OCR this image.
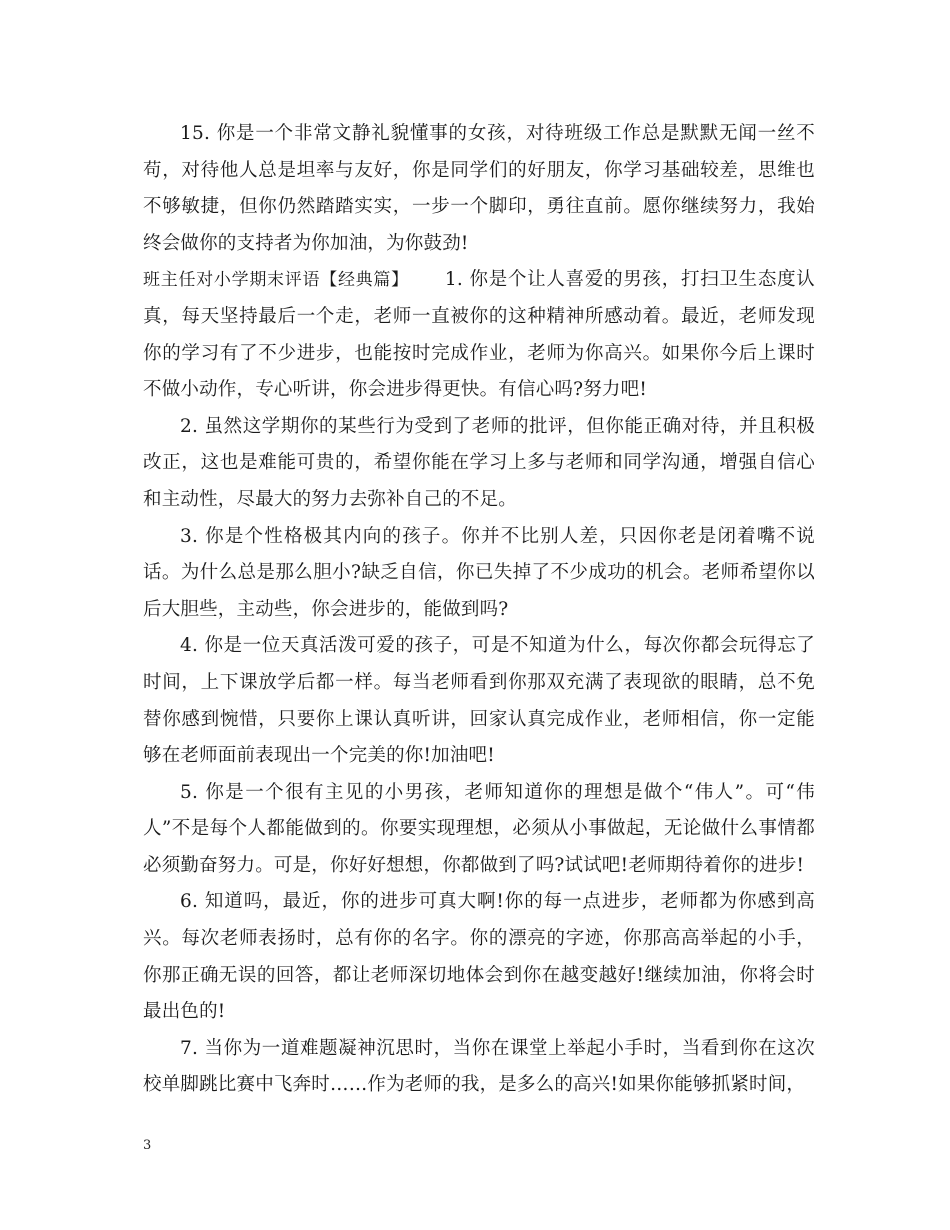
15. 你是一个非常文静礼貌懂事的女孩，对待班级工作总是默默无闻一丝不苟，对待他人总是坦率与友好，你是同学们的好朋友，你学习基础较差，思维也不够敏捷，但你仍然踏踏实实，一步一个脚印，勇往直前。愿你继续努力，我始终会做你的支持者为你加油，为你鼓劲!

班主任对小学期末评语【经典篇】 1. 你是个让人喜爱的男孩，打扫卫生态度认真，每天坚持最后一个走，老师一直被你的这种精神所感动着。最近，老师发现你的学习有了不少进步，也能按时完成作业，老师为你高兴。如果你今后上课时不做小动作，专心听讲，你会进步得更快。有信心吗?努力吧!

2. 虽然这学期你的某些行为受到了老师的批评，但你能正确对待，并且积极改正，这也是难能可贵的，希望你能在学习上多与老师和同学沟通，增强自信心和主动性，尽最大的努力去弥补自己的不足。

3. 你是个性格极其内向的孩子。你并不比别人差，只因你老是闭着嘴不说话。为什么总是那么胆小?缺乏自信，你已失掉了不少成功的机会。老师希望你以后大胆些，主动些，你会进步的，能做到吗?

4. 你是一位天真活泼可爱的孩子，可是不知道为什么，每次你都会玩得忘了时间，上下课放学后都一样。每当老师看到你那双充满了表现欲的眼睛，总不免替你感到惋惜，只要你上课认真听讲，回家认真完成作业，老师相信，你一定能够在老师面前表现出一个完美的你!加油吧!

5. 你是一个很有主见的小男孩，老师知道你的理想是做个“伟人”。可“伟人”不是每个人都能做到的。你要实现理想，必须从小事做起，无论做什么事情都必须勤奋努力。可是，你好好想想，你都做到了吗?试试吧!老师期待着你的进步!

6. 知道吗，最近，你的进步可真大啊!你的每一点进步，老师都为你感到高兴。每次老师表扬时，总有你的名字。你的漂亮的字迹，你那高高举起的小手，你那正确无误的回答，都让老师深切地体会到你在越变越好!继续加油，你将会时最出色的!

7. 当你为一道难题凝神沉思时，当你在课堂上举起小手时，当看到你在这次校单脚跳比赛中飞奔时……作为老师的我，是多么的高兴!如果你能够抓紧时间，

3
